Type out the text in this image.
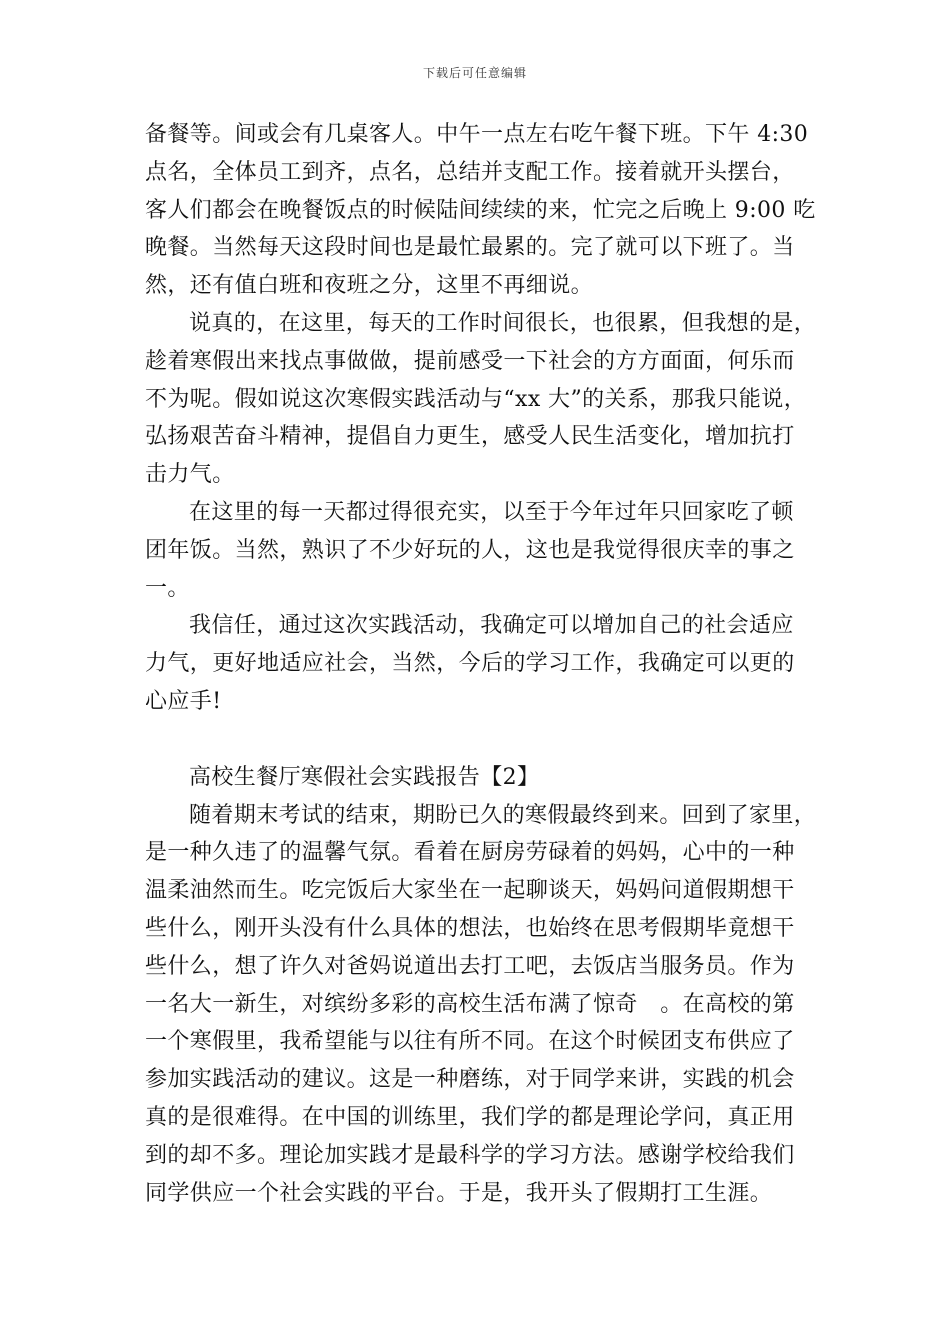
下载后可任意编辑
备餐等。间或会有几桌客人。中午一点左右吃午餐下班。下午 4:30
点名，全体员工到齐，点名，总结并支配工作。接着就开头摆台，
客人们都会在晚餐饭点的时候陆间续续的来，忙完之后晚上 9:00 吃
晚餐。当然每天这段时间也是最忙最累的。完了就可以下班了。当
然，还有值白班和夜班之分，这里不再细说。
说真的，在这里，每天的工作时间很长，也很累，但我想的是，
趁着寒假出来找点事做做，提前感受一下社会的方方面面，何乐而
不为呢。假如说这次寒假实践活动与“xx 大”的关系，那我只能说，
弘扬艰苦奋斗精神，提倡自力更生，感受人民生活变化，增加抗打
击力气。
在这里的每一天都过得很充实，以至于今年过年只回家吃了顿
团年饭。当然，熟识了不少好玩的人，这也是我觉得很庆幸的事之
一。
我信任，通过这次实践活动，我确定可以增加自己的社会适应
力气，更好地适应社会，当然，今后的学习工作，我确定可以更的
心应手!
高校生餐厅寒假社会实践报告【2】
随着期末考试的结束，期盼已久的寒假最终到来。回到了家里，
是一种久违了的温馨气氛。看着在厨房劳碌着的妈妈，心中的一种
温柔油然而生。吃完饭后大家坐在一起聊谈天，妈妈问道假期想干
些什么，刚开头没有什么具体的想法，也始终在思考假期毕竟想干
些什么，想了许久对爸妈说道出去打工吧，去饭店当服务员。作为
一名大一新生，对缤纷多彩的高校生活布满了惊奇　。在高校的第
一个寒假里，我希望能与以往有所不同。在这个时候团支布供应了
参加实践活动的建议。这是一种磨练，对于同学来讲，实践的机会
真的是很难得。在中国的训练里，我们学的都是理论学问，真正用
到的却不多。理论加实践才是最科学的学习方法。感谢学校给我们
同学供应一个社会实践的平台。于是，我开头了假期打工生涯。
